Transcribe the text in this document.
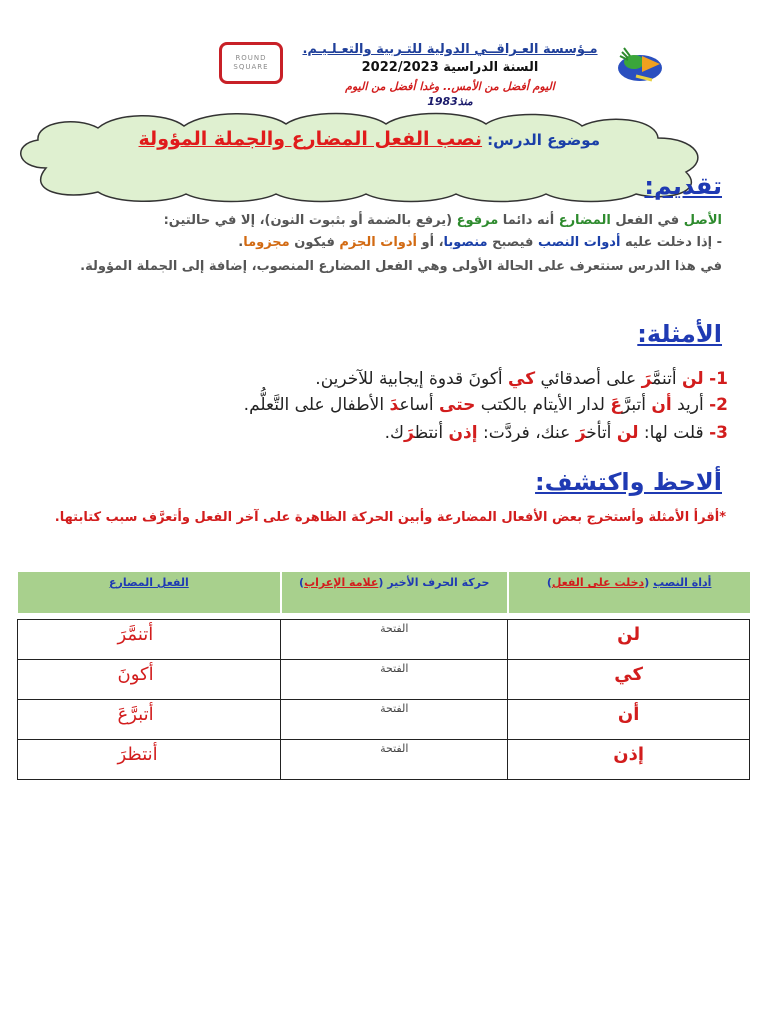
ROUND
SQUARE
مـؤسسة العـراقــي الدولية للتـربية والتعـلـيـم.
السنة الدراسية 2022/2023
اليوم أفضل من الأمس.. وغدا أفضل من اليوم
منذ1983
موضوع الدرس: نصب الفعل المضارع والجملة المؤولة
تقديم:
الأصل في الفعل المضارع أنه دائما مرفوع (يرفع بالضمة أو بثبوت النون)، إلا في حالتين:
- إذا دخلت عليه أدوات النصب فيصبح منصوبا، أو أدوات الجزم فيكون مجزوما.
في هذا الدرس سنتعرف على الحالة الأولى وهي الفعل المضارع المنصوب، إضافة إلى الجملة المؤولة.
الأمثلة:
1- لن أتنمَّرَ على أصدقائي كي أكونَ قدوة إيجابية للآخرين.
2- أريد أن أتبرَّعَ لدار الأيتام بالكتب حتى أساعدَ الأطفال على التَّعلُّم.
3- قلت لها: لن أتأخرَ عنك، فردَّت: إذن أنتظرَك.
ألاحظ واكتشف:
*أقرأ الأمثلة وأستخرج بعض الأفعال المضارعة وأبين الحركة الظاهرة على آخر الفعل وأتعرَّف سبب كتابتها.
أداة النصب (دخلت على الفعل)	حركة الحرف الأخير (علامة الإعراب)	الفعل المضارع

لن	الفتحة	أتنمَّرَ
كي	الفتحة	أكونَ
أن	الفتحة	أتبرَّعَ
إذن	الفتحة	أنتظرَ
